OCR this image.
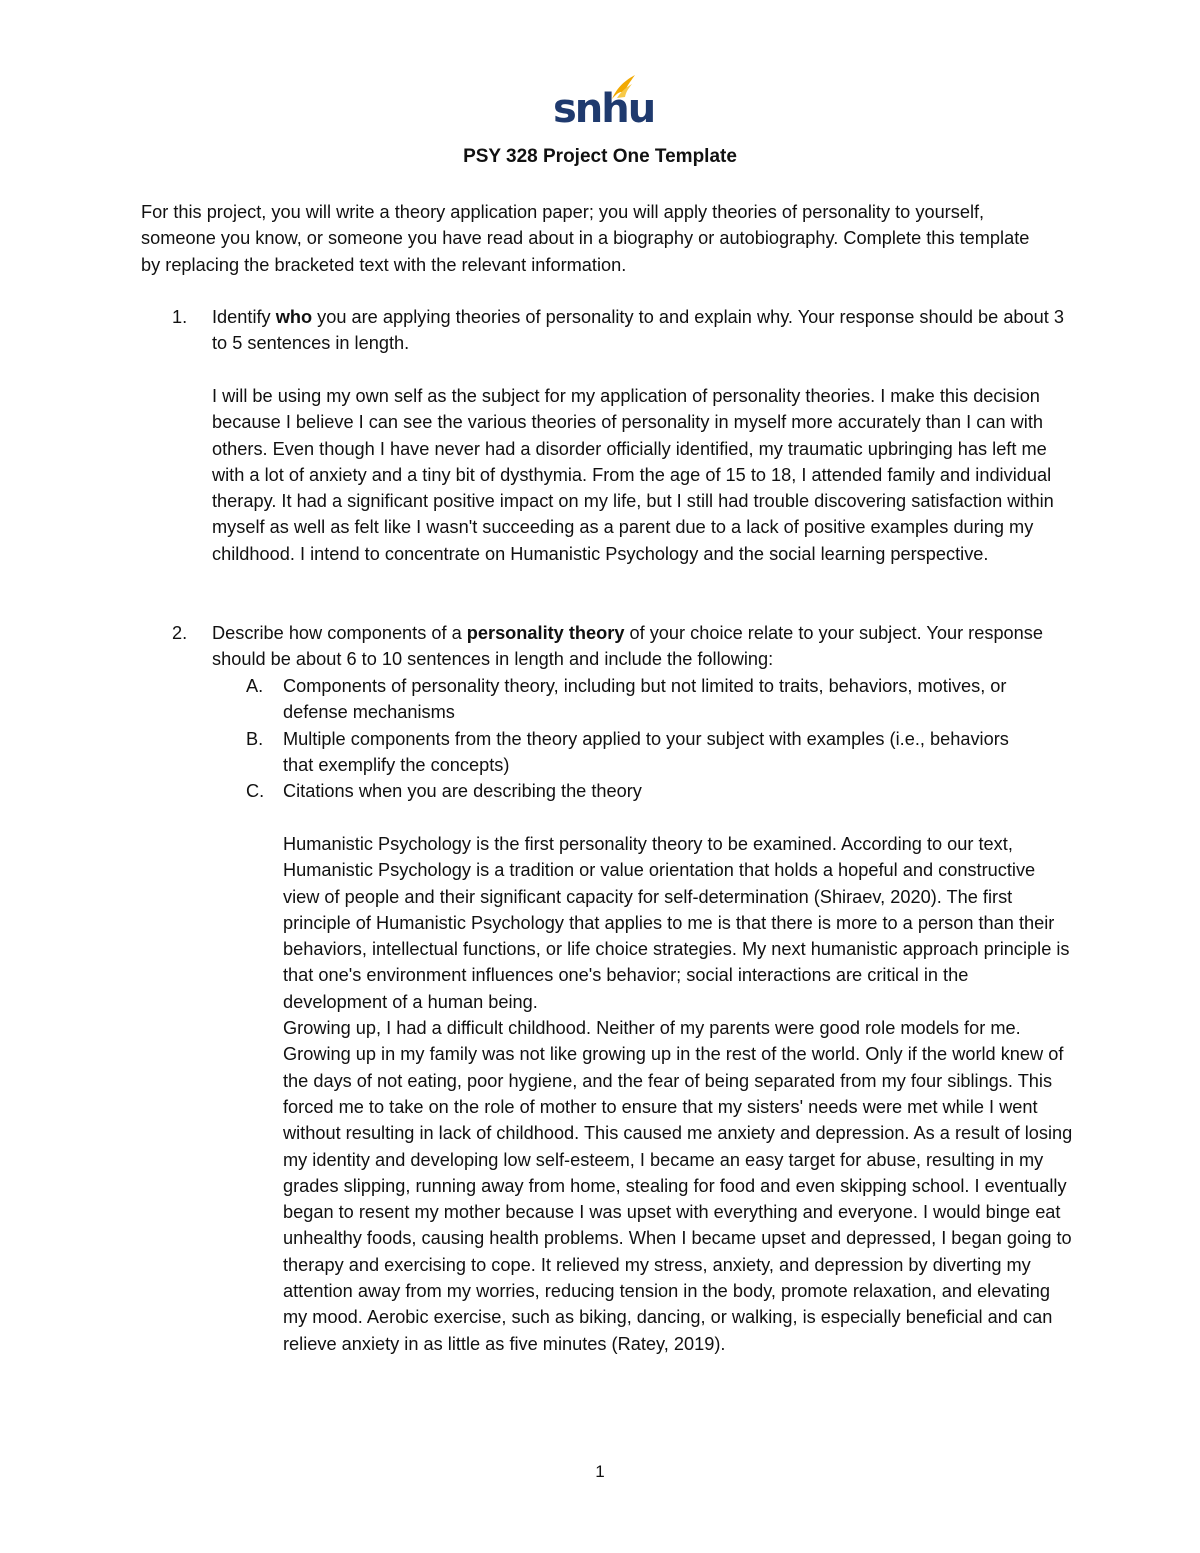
snhu
PSY 328 Project One Template

For this project, you will write a theory application paper; you will apply theories of personality to yourself, someone you know, or someone you have read about in a biography or autobiography. Complete this template by replacing the bracketed text with the relevant information.

1. Identify who you are applying theories of personality to and explain why. Your response should be about 3 to 5 sentences in length.

I will be using my own self as the subject for my application of personality theories. I make this decision because I believe I can see the various theories of personality in myself more accurately than I can with others. Even though I have never had a disorder officially identified, my traumatic upbringing has left me with a lot of anxiety and a tiny bit of dysthymia. From the age of 15 to 18, I attended family and individual therapy. It had a significant positive impact on my life, but I still had trouble discovering satisfaction within myself as well as felt like I wasn't succeeding as a parent due to a lack of positive examples during my childhood. I intend to concentrate on Humanistic Psychology and the social learning perspective.

2. Describe how components of a personality theory of your choice relate to your subject. Your response should be about 6 to 10 sentences in length and include the following:

A. Components of personality theory, including but not limited to traits, behaviors, motives, or defense mechanisms

B. Multiple components from the theory applied to your subject with examples (i.e., behaviors that exemplify the concepts)

C. Citations when you are describing the theory

Humanistic Psychology is the first personality theory to be examined. According to our text, Humanistic Psychology is a tradition or value orientation that holds a hopeful and constructive view of people and their significant capacity for self-determination (Shiraev, 2020). The first principle of Humanistic Psychology that applies to me is that there is more to a person than their behaviors, intellectual functions, or life choice strategies. My next humanistic approach principle is that one's environment influences one's behavior; social interactions are critical in the development of a human being.

Growing up, I had a difficult childhood. Neither of my parents were good role models for me. Growing up in my family was not like growing up in the rest of the world. Only if the world knew of the days of not eating, poor hygiene, and the fear of being separated from my four siblings. This forced me to take on the role of mother to ensure that my sisters' needs were met while I went without resulting in lack of childhood. This caused me anxiety and depression. As a result of losing my identity and developing low self-esteem, I became an easy target for abuse, resulting in my grades slipping, running away from home, stealing for food and even skipping school. I eventually began to resent my mother because I was upset with everything and everyone. I would binge eat unhealthy foods, causing health problems. When I became upset and depressed, I began going to therapy and exercising to cope. It relieved my stress, anxiety, and depression by diverting my attention away from my worries, reducing tension in the body, promote relaxation, and elevating my mood. Aerobic exercise, such as biking, dancing, or walking, is especially beneficial and can relieve anxiety in as little as five minutes (Ratey, 2019).

1
